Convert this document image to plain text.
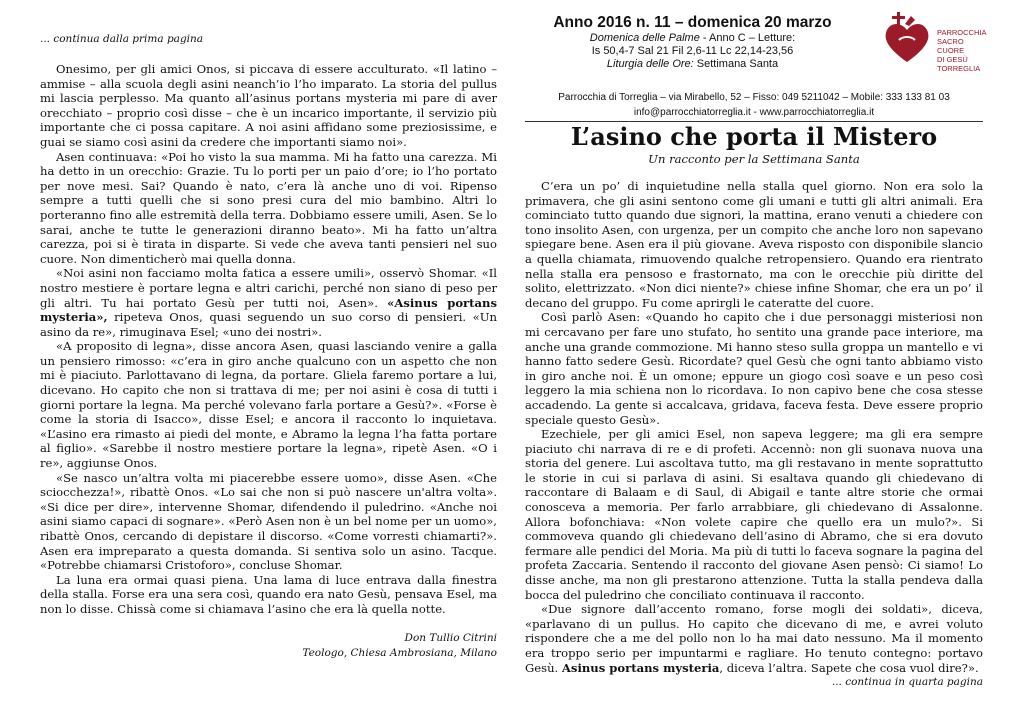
... continua dalla prima pagina

Onesimo, per gli amici Onos, si piccava di essere acculturato. «Il latino – ammise – alla scuola degli asini neanch’io l’ho imparato. La storia del pullus mi lascia perplesso. Ma quanto all’asinus portans mysteria mi pare di aver orecchiato – proprio così disse – che è un incarico importante, il servizio più importante che ci possa capitare. A noi asini affidano some preziosissime, e guai se siamo così asini da credere che importanti siamo noi».

Asen continuava: «Poi ho visto la sua mamma. Mi ha fatto una carezza. Mi ha detto in un orecchio: Grazie. Tu lo porti per un paio d’ore; io l’ho portato per nove mesi. Sai? Quando è nato, c’era là anche uno di voi. Ripenso sempre a tutti quelli che si sono presi cura del mio bambino. Altri lo porteranno fino alle estremità della terra. Dobbiamo essere umili, Asen. Se lo sarai, anche te tutte le generazioni diranno beato». Mi ha fatto un’altra carezza, poi si è tirata in disparte. Si vede che aveva tanti pensieri nel suo cuore. Non dimenticherò mai quella donna.

«Noi asini non facciamo molta fatica a essere umili», osservò Shomar. «Il nostro mestiere è portare legna e altri carichi, perché non siano di peso per gli altri. Tu hai portato Gesù per tutti noi, Asen». «Asinus portans mysteria», ripeteva Onos, quasi seguendo un suo corso di pensieri. «Un asino da re», rimuginava Esel; «uno dei nostri».

«A proposito di legna», disse ancora Asen, quasi lasciando venire a galla un pensiero rimosso: «c’era in giro anche qualcuno con un aspetto che non mi è piaciuto. Parlottavano di legna, da portare. Gliela faremo portare a lui, dicevano. Ho capito che non si trattava di me; per noi asini è cosa di tutti i giorni portare la legna. Ma perché volevano farla portare a Gesù?». «Forse è come la storia di Isacco», disse Esel; e ancora il racconto lo inquietava. «L’asino era rimasto ai piedi del monte, e Abramo la legna l’ha fatta portare al figlio». «Sarebbe il nostro mestiere portare la legna», ripetè Asen. «O i re», aggiunse Onos.

«Se nasco un’altra volta mi piacerebbe essere uomo», disse Asen. «Che sciocchezza!», ribattè Onos. «Lo sai che non si può nascere un'altra volta». «Si dice per dire», intervenne Shomar, difendendo il puledrino. «Anche noi asini siamo capaci di sognare». «Però Asen non è un bel nome per un uomo», ribattè Onos, cercando di depistare il discorso. «Come vorresti chiamarti?». Asen era impreparato a questa domanda. Si sentiva solo un asino. Tacque. «Potrebbe chiamarsi Cristoforo», concluse Shomar.

La luna era ormai quasi piena. Una lama di luce entrava dalla finestra della stalla. Forse era una sera così, quando era nato Gesù, pensava Esel, ma non lo disse. Chissà come si chiamava l’asino che era là quella notte.

Don Tullio Citrini

Teologo, Chiesa Ambrosiana, Milano

Anno 2016 n. 11 – domenica 20 marzo
Domenica delle Palme - Anno C – Letture:
Is 50,4-7 Sal 21 Fil 2,6-11 Lc 22,14-23,56
Liturgia delle Ore: Settimana Santa
PARROCCHIA
SACRO CUORE
DI GESÙ
TORREGLIA
Parrocchia di Torreglia – via Mirabello, 52 – Fisso: 049 5211042 – Mobile: 333 133 81 03
info@parrocchiatorreglia.it - www.parrocchiatorreglia.it
L’asino che porta il Mistero

Un racconto per la Settimana Santa

C’era un po’ di inquietudine nella stalla quel giorno. Non era solo la primavera, che gli asini sentono come gli umani e tutti gli altri animali. Era cominciato tutto quando due signori, la mattina, erano venuti a chiedere con tono insolito Asen, con urgenza, per un compito che anche loro non sapevano spiegare bene. Asen era il più giovane. Aveva risposto con disponibile slancio a quella chiamata, rimuovendo qualche retropensiero. Quando era rientrato nella stalla era pensoso e frastornato, ma con le orecchie più diritte del solito, elettrizzato. «Non dici niente?» chiese infine Shomar, che era un po’ il decano del gruppo. Fu come aprirgli le cateratte del cuore.

Così parlò Asen: «Quando ho capito che i due personaggi misteriosi non mi cercavano per fare uno stufato, ho sentito una grande pace interiore, ma anche una grande commozione. Mi hanno steso sulla groppa un mantello e vi hanno fatto sedere Gesù. Ricordate? quel Gesù che ogni tanto abbiamo visto in giro anche noi. È un omone; eppure un giogo così soave e un peso così leggero la mia schiena non lo ricordava. Io non capivo bene che cosa stesse accadendo. La gente si accalcava, gridava, faceva festa. Deve essere proprio speciale questo Gesù».

Ezechiele, per gli amici Esel, non sapeva leggere; ma gli era sempre piaciuto chi narrava di re e di profeti. Accennò: non gli suonava nuova una storia del genere. Lui ascoltava tutto, ma gli restavano in mente soprattutto le storie in cui si parlava di asini. Si esaltava quando gli chiedevano di raccontare di Balaam e di Saul, di Abigail e tante altre storie che ormai conosceva a memoria. Per farlo arrabbiare, gli chiedevano di Assalonne. Allora bofonchiava: «Non volete capire che quello era un mulo?». Si commoveva quando gli chiedevano dell’asino di Abramo, che si era dovuto fermare alle pendici del Moria. Ma più di tutti lo faceva sognare la pagina del profeta Zaccaria. Sentendo il racconto del giovane Asen pensò: Ci siamo! Lo disse anche, ma non gli prestarono attenzione. Tutta la stalla pendeva dalla bocca del puledrino che conciliato continuava il racconto.

«Due signore dall’accento romano, forse mogli dei soldati», diceva, «parlavano di un pullus. Ho capito che dicevano di me, e avrei voluto rispondere che a me del pollo non lo ha mai dato nessuno. Ma il momento era troppo serio per impuntarmi e ragliare. Ho tenuto contegno: portavo Gesù. Asinus portans mysteria, diceva l’altra. Sapete che cosa vuol dire?».

... continua in quarta pagina
